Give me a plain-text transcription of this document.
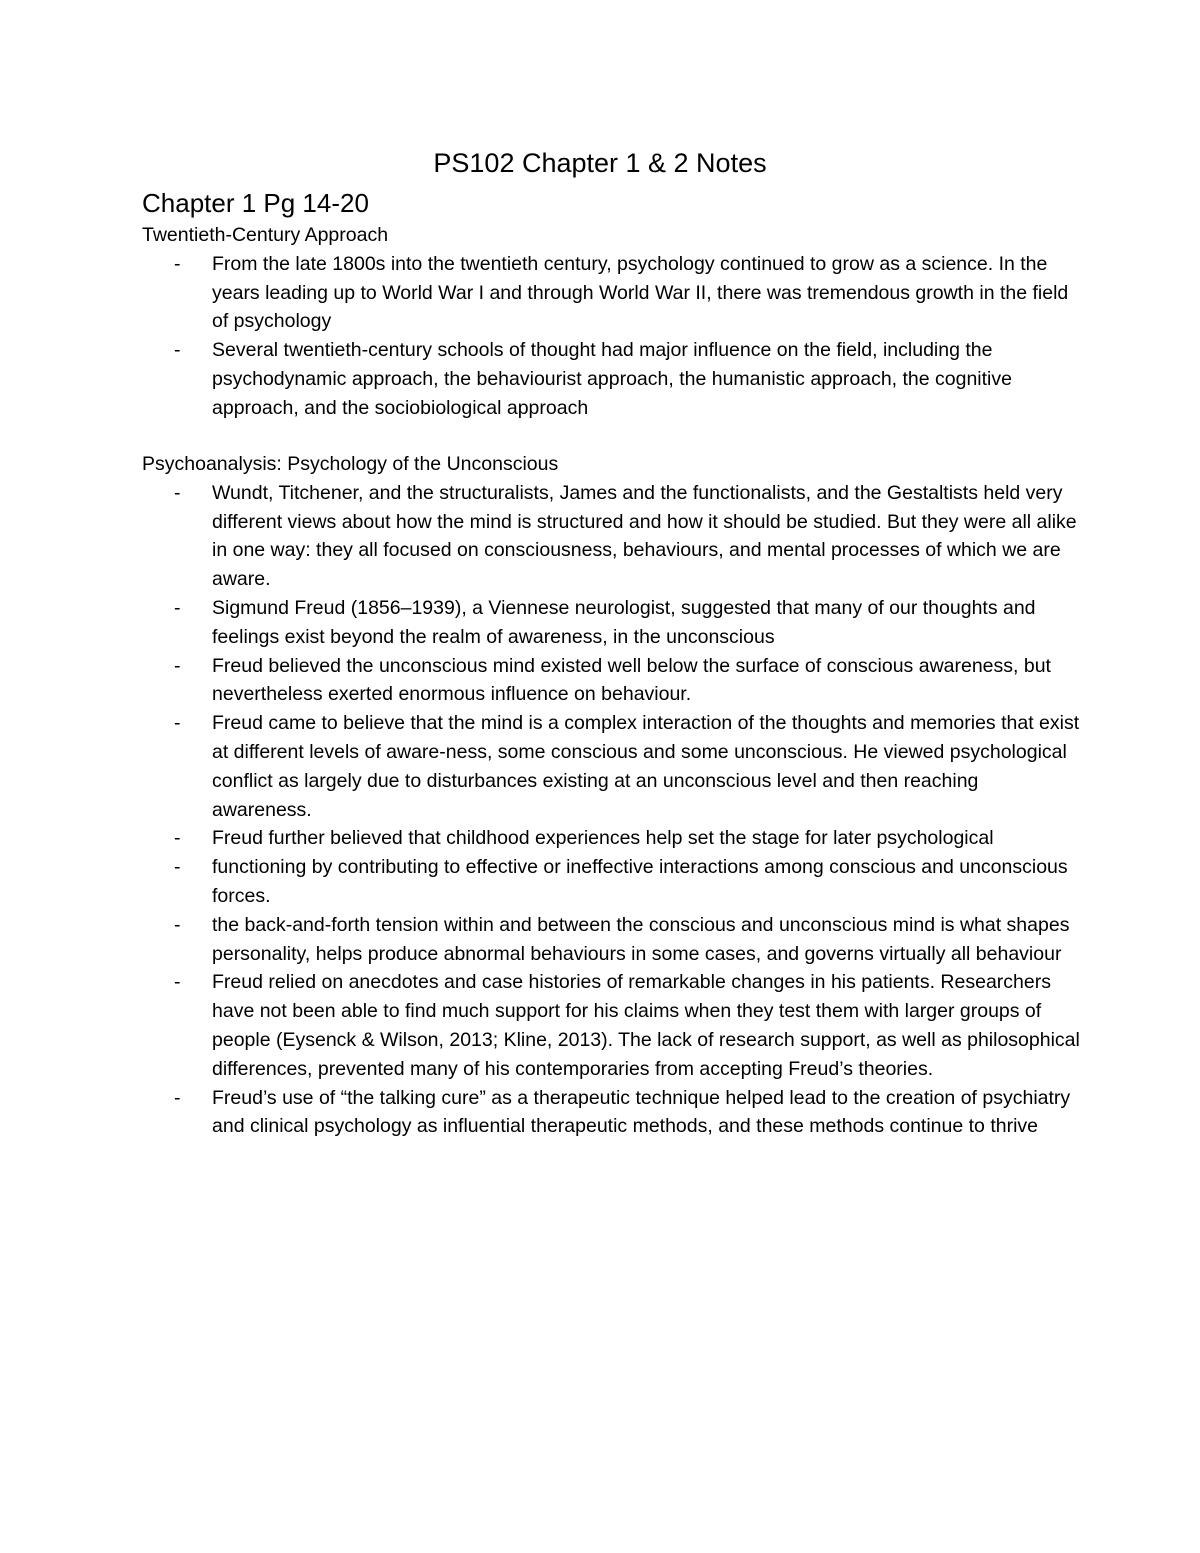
PS102 Chapter 1 & 2 Notes
Chapter 1 Pg 14-20
Twentieth-Century Approach
- From the late 1800s into the twentieth century, psychology continued to grow as a science. In the years leading up to World War I and through World War II, there was tremendous growth in the field of psychology
- Several twentieth-century schools of thought had major influence on the field, including the psychodynamic approach, the behaviourist approach, the humanistic approach, the cognitive approach, and the sociobiological approach
Psychoanalysis: Psychology of the Unconscious
- Wundt, Titchener, and the structuralists, James and the functionalists, and the Gestaltists held very different views about how the mind is structured and how it should be studied. But they were all alike in one way: they all focused on consciousness, behaviours, and mental processes of which we are aware.
- Sigmund Freud (1856–1939), a Viennese neurologist, suggested that many of our thoughts and feelings exist beyond the realm of awareness, in the unconscious
- Freud believed the unconscious mind existed well below the surface of conscious awareness, but nevertheless exerted enormous influence on behaviour.
- Freud came to believe that the mind is a complex interaction of the thoughts and memories that exist at different levels of aware-ness, some conscious and some unconscious. He viewed psychological conflict as largely due to disturbances existing at an unconscious level and then reaching awareness.
- Freud further believed that childhood experiences help set the stage for later psychological
- functioning by contributing to effective or ineffective interactions among conscious and unconscious forces.
- the back-and-forth tension within and between the conscious and unconscious mind is what shapes personality, helps produce abnormal behaviours in some cases, and governs virtually all behaviour
- Freud relied on anecdotes and case histories of remarkable changes in his patients. Researchers have not been able to find much support for his claims when they test them with larger groups of people (Eysenck & Wilson, 2013; Kline, 2013). The lack of research support, as well as philosophical differences, prevented many of his contemporaries from accepting Freud’s theories.
- Freud’s use of “the talking cure” as a therapeutic technique helped lead to the creation of psychiatry and clinical psychology as influential therapeutic methods, and these methods continue to thrive
